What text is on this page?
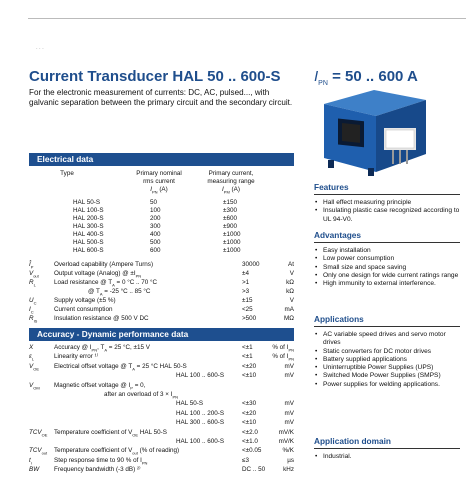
· · ·
Current Transducer HAL 50 .. 600-S $I_{PN} = 50$ .. 600 A
For the electronic measurement of currents: DC, AC, pulsed..., with galvanic separation between the primary circuit and the secondary circuit.
Electrical data
Type	Primary nominal
rms current
$I_{PN}$ (A)
Primary current,
measuring range
$I_{PM}$ (A)
HAL 50-S	50	±150
HAL 100-S	100	±300
HAL 200-S	200	±600
HAL 300-S	300	±900
HAL 400-S	400	±1000
HAL 500-S	500	±1000
HAL 600-S	600	±1000
$Î_P$	Overload capability (Ampere Turns)	30000	At
$V_{out}$ Output voltage (Analog) @ $\pm I_{PN}$	±4	V
$R_L$	Load resistance @ $T_A = 0$ °C .. 70 °C	>1	kΩ
@ $T_A = -25$ °C .. 85 °C	>3	kΩ
$U_C$	Supply voltage (±5 %)	±15	V
$I_C$	Current consumption	<25	mA
$R_{IS}$	Insulation resistance @ 500 V DC	>500	MΩ
Accuracy - Dynamic performance data
X	Accuracy @ $I_{PN}$, $T_A = 25$ °C, ±15 V	<±1	% of $I_{PN}$
$\varepsilon_L$	Linearity error ¹⁾	<±1	% of $I_{PN}$
$V_{OE}$ Electrical offset voltage @ $T_A = 25$ °C HAL 50-S	<±20	mV
HAL 100 .. 600-S	<±10	mV
$V_{OM}$ Magnetic offset voltage @ $I_P = 0$,
after an overload of $3 \times I_{PN}$
HAL 50-S	<±30	mV
HAL 100 .. 200-S	<±20	mV
HAL 300 .. 600-S	<±10	mV
$TCV_{OE}$ Temperature coefficient of $V_{OE}$ HAL 50-S	<±2.0	mV/K
HAL 100 .. 600-S	<±1.0	mV/K
$TCV_{out}$ Temperature coefficient of $V_{out}$ (% of reading)	<±0.05	%/K
$t_r$	Step response time to 90 % of $I_{PN}$	≤3	µs
BW Frequency bandwidth (-3 dB) ²⁾	DC .. 50	kHz
Features
• Hall effect measuring principle
• Insulating plastic case recognized according to UL 94-V0.
Advantages
• Easy installation
• Low power consumption
• Small size and space saving
• Only one design for wide current ratings range
• High immunity to external interference.
Applications
• AC variable speed drives and servo motor drives
• Static converters for DC motor drives
• Battery supplied applications
• Uninterruptible Power Supplies (UPS)
• Switched Mode Power Supplies (SMPS)
• Power supplies for welding applications.
Application domain
• Industrial.
